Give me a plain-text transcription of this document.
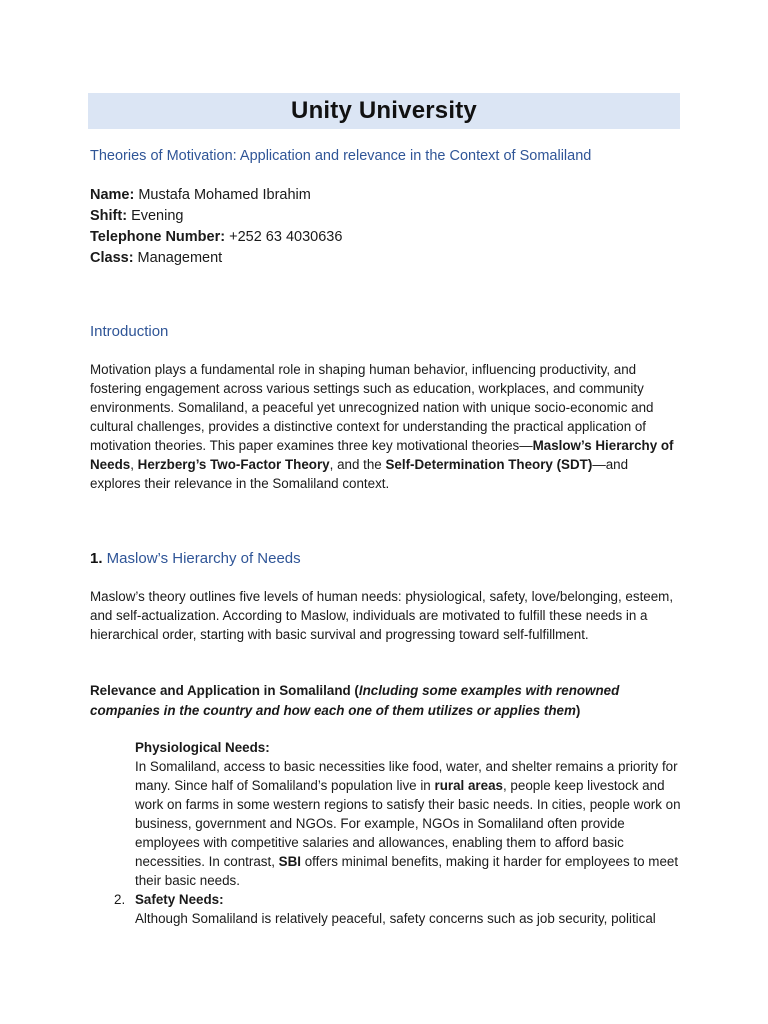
Unity University
Theories of Motivation: Application and relevance in the Context of Somaliland
Name: Mustafa Mohamed Ibrahim
Shift: Evening
Telephone Number: +252 63 4030636
Class: Management
Introduction

Motivation plays a fundamental role in shaping human behavior, influencing productivity, and fostering engagement across various settings such as education, workplaces, and community environments. Somaliland, a peaceful yet unrecognized nation with unique socio-economic and cultural challenges, provides a distinctive context for understanding the practical application of motivation theories. This paper examines three key motivational theories—Maslow’s Hierarchy of Needs, Herzberg’s Two-Factor Theory, and the Self-Determination Theory (SDT)—and explores their relevance in the Somaliland context.

1. Maslow’s Hierarchy of Needs

Maslow’s theory outlines five levels of human needs: physiological, safety, love/belonging, esteem, and self-actualization. According to Maslow, individuals are motivated to fulfill these needs in a hierarchical order, starting with basic survival and progressing toward self-fulfillment.

Relevance and Application in Somaliland (Including some examples with renowned companies in the country and how each one of them utilizes or applies them)
Physiological Needs:
In Somaliland, access to basic necessities like food, water, and shelter remains a priority for many. Since half of Somaliland’s population live in rural areas, people keep livestock and work on farms in some western regions to satisfy their basic needs. In cities, people work on business, government and NGOs. For example, NGOs in Somaliland often provide employees with competitive salaries and allowances, enabling them to afford basic necessities. In contrast, SBI offers minimal benefits, making it harder for employees to meet their basic needs.
2. Safety Needs:
Although Somaliland is relatively peaceful, safety concerns such as job security, political
